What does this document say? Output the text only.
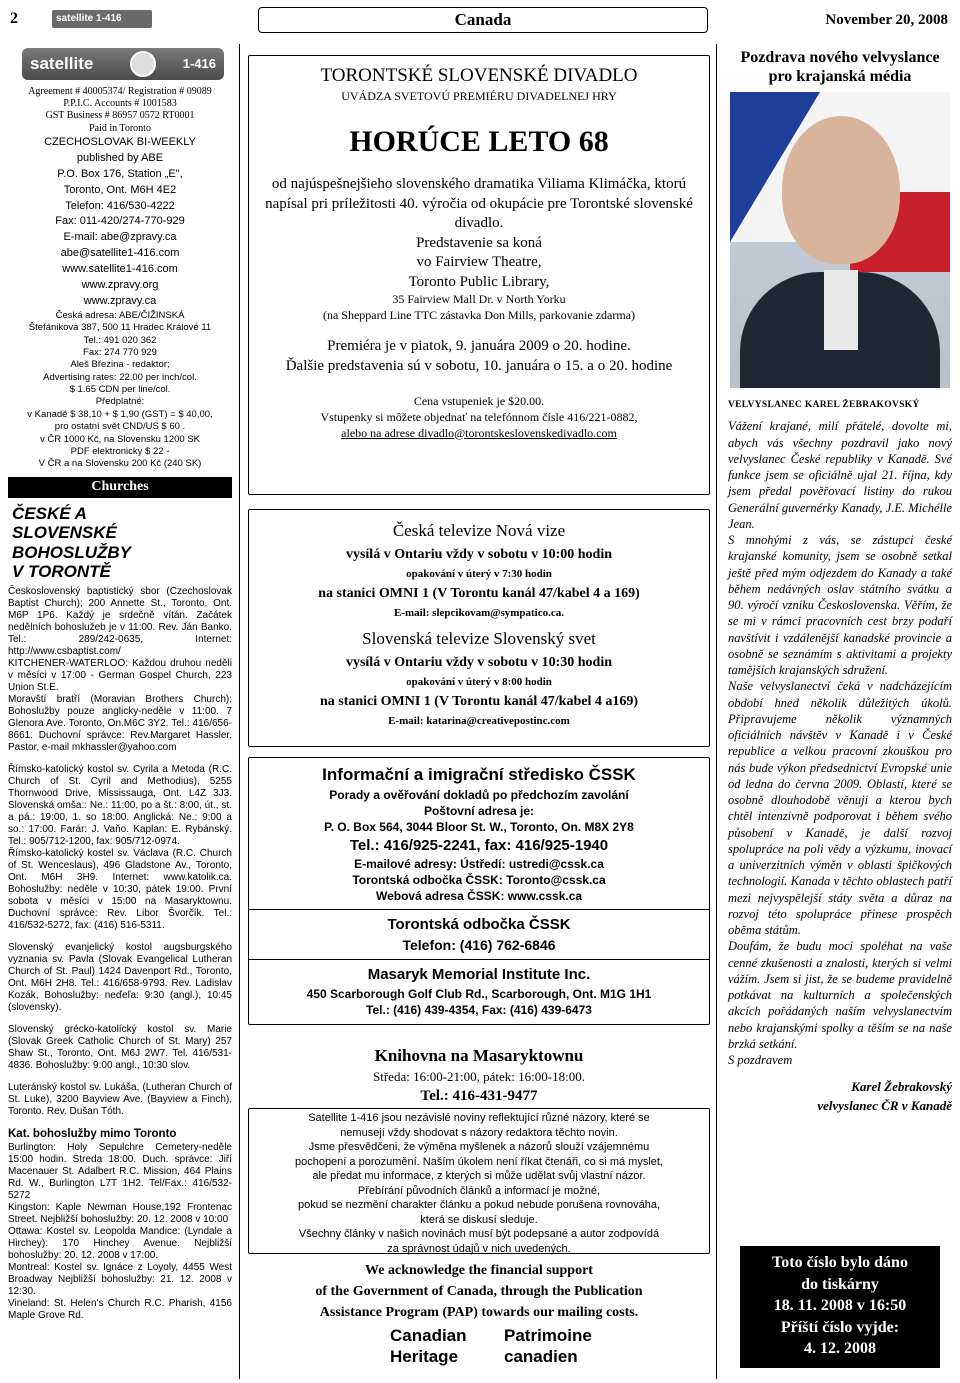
2	satellite 1-416	Canada	November 20, 2008
satellite	1-416
Agreement # 40005374/ Registration # 09089
P.P.I.C. Accounts # 1001583
GST Business # 86957 0572 RT0001
Paid in Toronto
CZECHOSLOVAK BI-WEEKLY
published by ABE
P.O. Box 176, Station „E",
Toronto, Ont. M6H 4E2
Telefon: 416/530-4222
Fax: 011-420/274-770-929
E-mail: abe@zpravy.ca
abe@satellite1-416.com
www.satellite1-416.com
www.zpravy.org
www.zpravy.ca
Česká adresa: ABE/ČIŽINSKÁ
Štefánikova 387, 500 11 Hradec Králové 11
Tel.: 491 020 362
Fax: 274 770 929
Aleš Březina - redaktor;
Advertising rates: 22.00 per inch/col.
$ 1.65 CDN per line/col.
Předplatné:
v Kanadě $ 38,10 + $ 1,90 (GST) = $ 40,00,
pro ostatní svět CND/US $ 60 .
v ČR 1000 Kč, na Slovensku 1200 SK
PDF elektronicky $ 22 -
V ČR a na Slovensku 200 Kč (240 SK)
Churches
ČESKÉ A
SLOVENSKÉ
BOHOSLUŽBY
V TORONTĚ

Československý baptistický sbor (Czechoslovak Baptist Church); 200 Annette St., Toronto, Ont. M6P 1P6. Každý je srdečně vítán. Začátek nedělních bohoslužeb je v 11:00. Rev. Ján Banko. Tel.: 289/242-0635, Internet: http://www.csbaptist.com/

KITCHENER-WATERLOO: Každou druhou neděli v měsíci v 17:00 - German Gospel Church, 223 Union St.E.

Moravští bratří (Moravian Brothers Church); Bohoslužby pouze anglicky-neděle v 11:00. 7 Glenora Ave. Toronto, On.M6C 3Y2. Tel.: 416/656-8661. Duchovní správce: Rev.Margaret Hassler, Pastor, e-mail mkhassler@yahoo.com

Římsko-katolický kostol sv. Cyrila a Metoda (R.C. Church of St. Cyril and Methodius), 5255 Thornwood Drive, Mississauga, Ont. L4Z 3J3. Slovenská omša:: Ne.: 11:00, po a št.: 8:00, út., st. a pá.: 19:00, 1. so 18:00. Anglická: Ne.: 9:00 a so.: 17:00. Farár: J. Vaňo. Kaplan: E. Rybánský. Tel.: 905/712-1200, fax: 905/712-0974.

Římsko-katolický kostel sv. Václava (R.C. Church of St. Wenceslaus), 496 Gladstone Av., Toronto, Ont. M6H 3H9. Internet: www.katolik.ca. Bohoslužby: neděle v 10:30, pátek 19:00. První sobota v měsíci v 15:00 na Masaryktownu. Duchovní správce: Rev. Libor Švorčík. Tel.: 416/532-5272, fax: (416) 516-5311.

Slovenský evanjelický kostol augsburgského vyznania sv. Pavla (Slovak Evangelical Lutheran Church of St. Paul) 1424 Davenport Rd., Toronto, Ont. M6H 2H8. Tel.: 416/658-9793. Rev. Ladislav Kozák, Bohoslužby: neďeľa: 9:30 (angl.), 10:45 (slovensky).

Slovenský grécko-katolícký kostol sv. Marie (Slovak Greek Catholic Church of St. Mary) 257 Shaw St., Toronto, Ont. M6J 2W7. Tel. 416/531-4836. Bohoslužby: 9:00 angl., 10:30 slov.

Luteránský kostol sv. Lukáša, (Lutheran Church of St. Luke), 3200 Bayview Ave. (Bayview a Finch), Toronto. Rev. Dušan Tóth.

Kat. bohoslužby mimo Toronto

Burlington: Holy Sepulchre Cemetery-neděle 15:00 hodin. Streda 18:00. Duch. správce: Jiří Macenauer St. Adalbert R.C. Mission, 464 Plains Rd. W., Burlington L7T 1H2. Tel/Fax.: 416/532-5272

Kingston: Kaple Newman House,192 Frontenac Street. Nejbližší bohoslužby: 20. 12. 2008 v 10:00

Ottawa: Kostel sv. Leopolda Mandice: (Lyndale a Hirchey): 170 Hinchey Avenue. Nejbližší bohoslužby: 20. 12. 2008 v 17:00.

Montreal: Kostel sv. Ignáce z Loyoly, 4455 West Broadway Nejbližší bohoslužby: 21. 12. 2008 v 12:30.

Vineland: St. Helen's Church R.C. Pharish, 4156 Maple Grove Rd.

TORONTSKÉ SLOVENSKÉ DIVADLO
UVÁDZA SVETOVÚ PREMIÉRU DIVADELNEJ HRY
HORÚCE LETO 68
od najúspešnejšieho slovenského dramatika Viliama Klimáčka, ktorú napísal pri príležitosti 40. výročia od okupácie pre Torontské slovenské divadlo.
Predstavenie sa koná
vo Fairview Theatre,
Toronto Public Library,
35 Fairview Mall Dr. v North Yorku
(na Sheppard Line TTC zástavka Don Mills, parkovanie zdarma)
Premiéra je v piatok, 9. januára 2009 o 20. hodine.
Ďalšie predstavenia sú v sobotu, 10. januára o 15. a o 20. hodine
Cena vstupeniek je $20.00.
Vstupenky si môžete objednať na telefónnom čísle 416/221-0882,
alebo na adrese divadlo@torontskeslovenskedivadlo.com
Česká televize Nová vize
vysílá v Ontariu vždy v sobotu v 10:00 hodin
opakování v úterý v 7:30 hodin
na stanici OMNI 1 (V Torontu kanál 47/kabel 4 a 169)
E-mail: slepcikovam@sympatico.ca.
Slovenská televize Slovenský svet
vysílá v Ontariu vždy v sobotu v 10:30 hodin
opakování v úterý v 8:00 hodin
na stanici OMNI 1 (V Torontu kanál 47/kabel 4 a169)
E-mail: katarina@creativepostinc.com
Informační a imigrační středisko ČSSK
Porady a ověřování dokladů po předchozím zavolání
Poštovní adresa je:
P. O. Box 564, 3044 Bloor St. W., Toronto, On. M8X 2Y8
Tel.: 416/925-2241, fax: 416/925-1940
E-mailové adresy: Ústředí: ustredi@cssk.ca
Torontská odbočka ČSSK: Toronto@cssk.ca
Webová adresa ČSSK: www.cssk.ca
Torontská odbočka ČSSK
Telefon: (416) 762-6846
Masaryk Memorial Institute Inc.
450 Scarborough Golf Club Rd., Scarborough, Ont. M1G 1H1
Tel.: (416) 439-4354, Fax: (416) 439-6473
Knihovna na Masaryktownu
Středa: 16:00-21:00, pátek: 16:00-18:00.
Tel.: 416-431-9477
Satellite 1-416 jsou nezávislé noviny reflektující různé názory, které se
nemusejí vždy shodovat s názory redaktora těchto novin.
Jsme přesvědčeni, že výměna myšlenek a názorů slouží vzájemnému
pochopení a porozumění. Naším úkolem není říkat čtenáři, co si má myslet,
ale předat mu informace, z kterých si může udělat svůj vlastní názor.
Přebírání původních článků a informací je možné,
pokud se nezmění charakter článku a pokud nebude porušena rovnováha,
která se diskusí sleduje.
Všechny články v našich novinách musí být podepsané a autor zodpovídá
za správnost údajů v nich uvedených.
We acknowledge the financial support
of the Government of Canada, through the Publication
Assistance Program (PAP) towards our mailing costs.
Canadian
Heritage
Patrimoine
canadien
Pozdrava nového velvyslance
pro krajanská média
VELVYSLANEC KAREL ŽEBRAKOVSKÝ

Vážení krajané, milí přátelé, dovolte mi, abych vás všechny pozdravil jako nový velvyslanec České republiky v Kanadě. Své funkce jsem se oficiálně ujal 21. října, kdy jsem předal pověřovací listiny do rukou Generální guvernérky Kanady, J.E. Michélle Jean.

S mnohými z vás, se zástupci české krajanské komunity, jsem se osobně setkal ještě před mým odjezdem do Kanady a také během nedávných oslav státního svátku a 90. výročí vzniku Československa. Věřím, že se mi v rámci pracovních cest brzy podaří navštívit i vzdálenější kanadské provincie a osobně se seznámím s aktivitami a projekty tamějších krajanských sdružení.

Naše velvyslanectví čeká v nadcházejícím období hned několik důležitých úkolů. Připravujeme několik významných oficiálních návštěv v Kanadě i v České republice a velkou pracovní zkouškou pro nás bude výkon předsednictví Evropské unie od ledna do června 2009. Oblastí, které se osobně dlouhodobě věnuji a kterou bych chtěl intenzivně podporovat i během svého působení v Kanadě, je další rozvoj spolupráce na poli vědy a výzkumu, inovací a univerzitních výměn v oblasti špičkových technologií. Kanada v těchto oblastech patří mezi nejvyspělejší státy světa a důraz na rozvoj této spolupráce přinese prospěch oběma státům.

Doufám, že budu moci spoléhat na vaše cenné zkušenosti a znalosti, kterých si velmi vážím. Jsem si jist, že se budeme pravidelně potkávat na kulturních a společenských akcích pořádaných naším velvyslanectvím nebo krajanskými spolky a těším se na naše brzká setkání.

S pozdravem

Karel Žebrakovský
velvyslanec ČR v Kanadě
Toto číslo bylo dáno
do tiskárny
18. 11. 2008 v 16:50
Příští číslo vyjde:
4. 12. 2008
